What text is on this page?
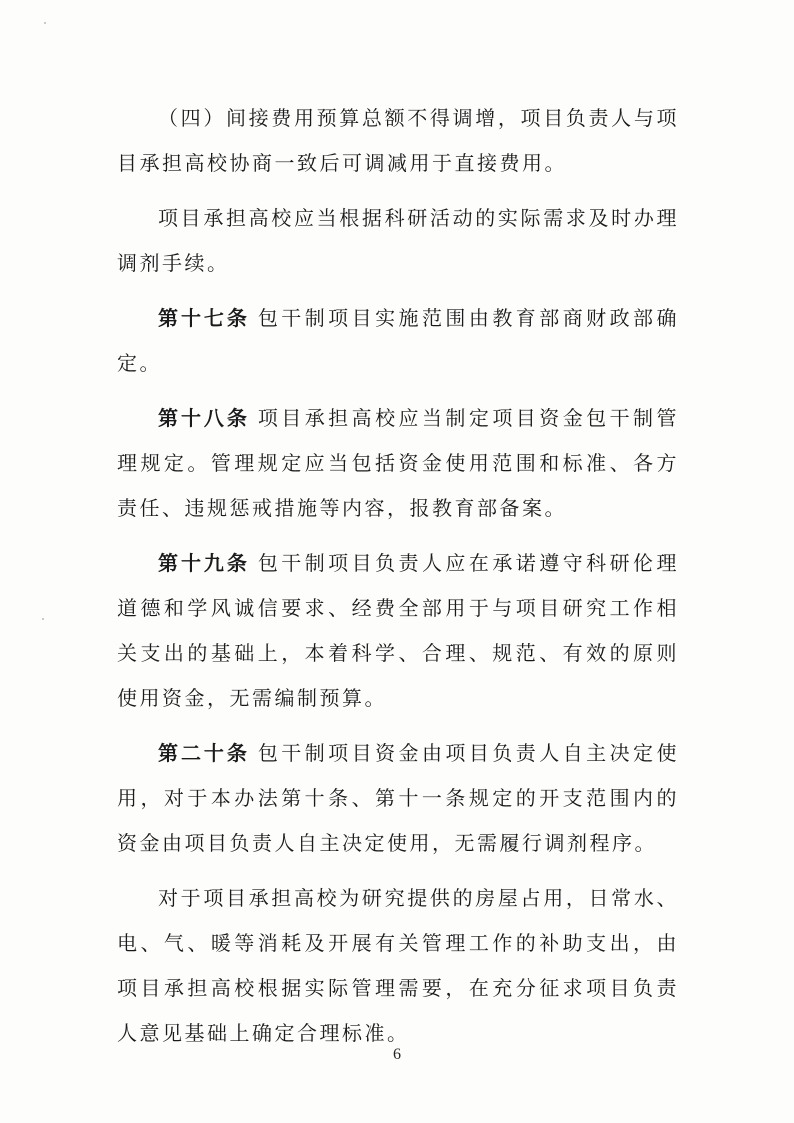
（四）间接费用预算总额不得调增，项目负责人与项目承担高校协商一致后可调减用于直接费用。

项目承担高校应当根据科研活动的实际需求及时办理调剂手续。

第十七条 包干制项目实施范围由教育部商财政部确定。

第十八条 项目承担高校应当制定项目资金包干制管理规定。管理规定应当包括资金使用范围和标准、各方责任、违规惩戒措施等内容，报教育部备案。

第十九条 包干制项目负责人应在承诺遵守科研伦理道德和学风诚信要求、经费全部用于与项目研究工作相关支出的基础上，本着科学、合理、规范、有效的原则使用资金，无需编制预算。

第二十条 包干制项目资金由项目负责人自主决定使用，对于本办法第十条、第十一条规定的开支范围内的资金由项目负责人自主决定使用，无需履行调剂程序。

对于项目承担高校为研究提供的房屋占用，日常水、电、气、暖等消耗及开展有关管理工作的补助支出，由项目承担高校根据实际管理需要，在充分征求项目负责人意见基础上确定合理标准。

6
